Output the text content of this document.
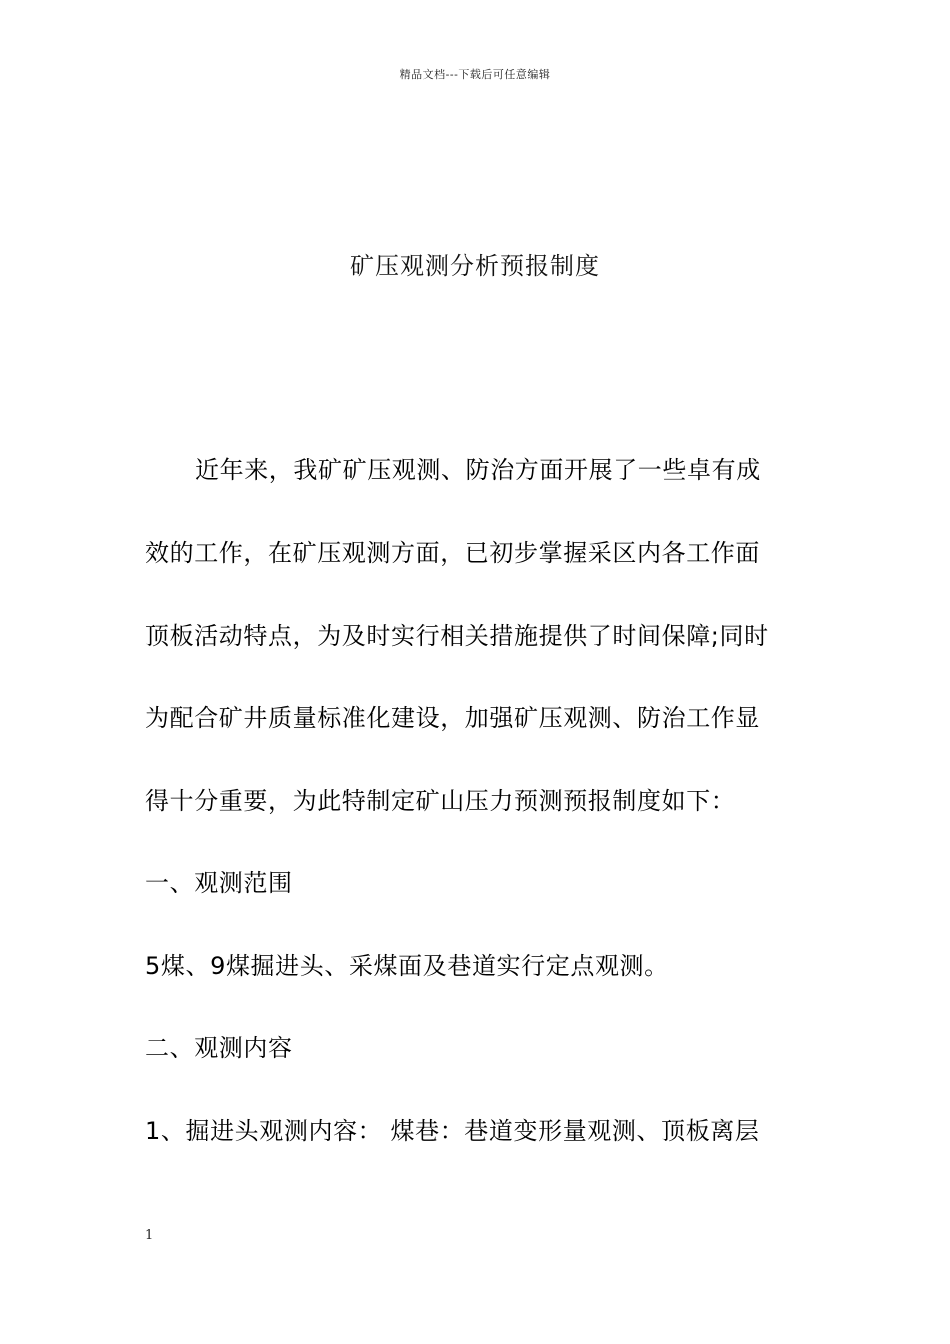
精品文档---下载后可任意编辑
矿压观测分析预报制度
近年来，我矿矿压观测、防治方面开展了一些卓有成
效的工作，在矿压观测方面，已初步掌握采区内各工作面
顶板活动特点，为及时实行相关措施提供了时间保障;同时
为配合矿井质量标准化建设，加强矿压观测、防治工作显
得十分重要，为此特制定矿山压力预测预报制度如下：
一、观测范围
5煤、9煤掘进头、采煤面及巷道实行定点观测。
二、观测内容
1、掘进头观测内容： 煤巷：巷道变形量观测、顶板离层
1
